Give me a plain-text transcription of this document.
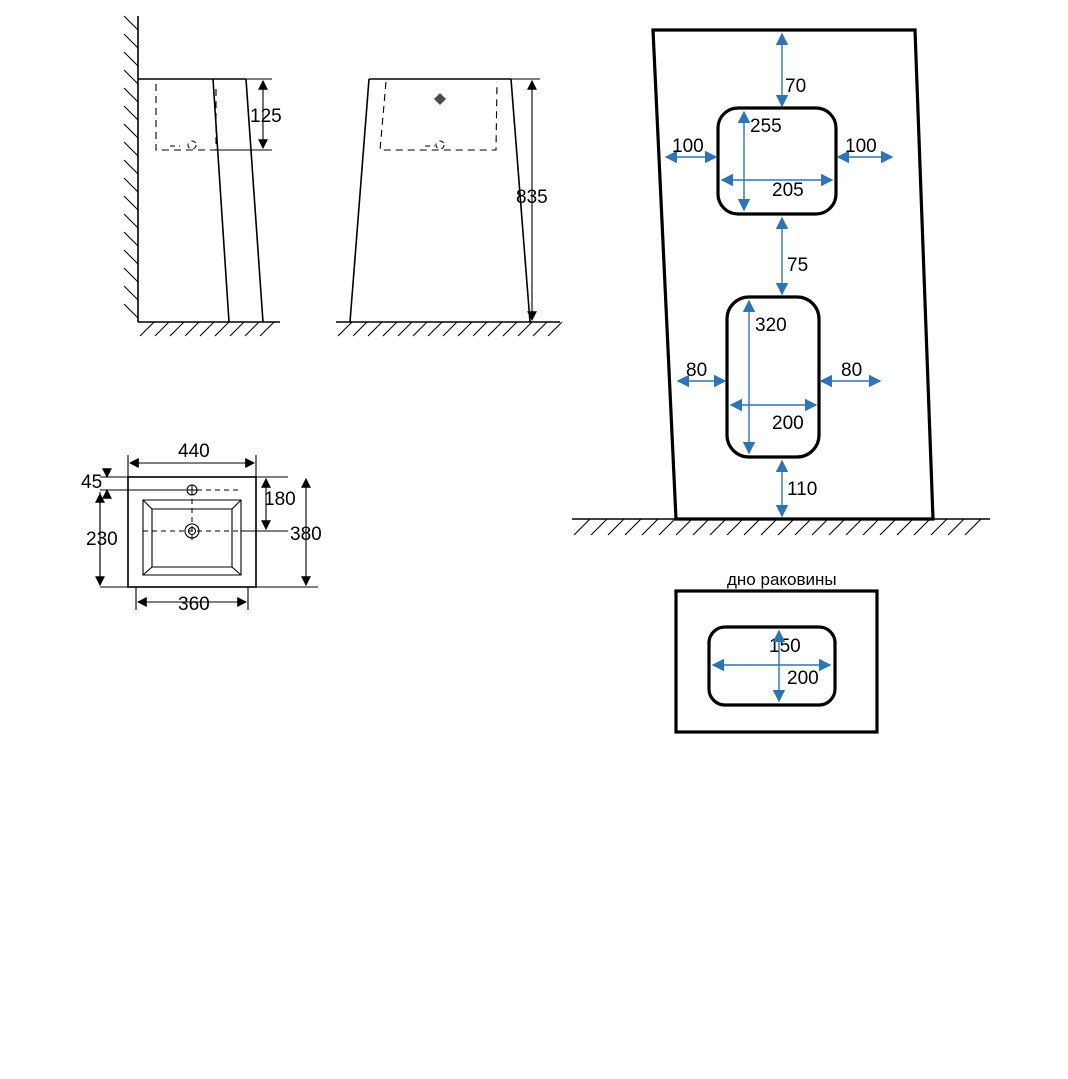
125
835
440
45
230
180
380
360
70
255
205
100	100
75
320
200
80	80
110
дно раковины
150
200
